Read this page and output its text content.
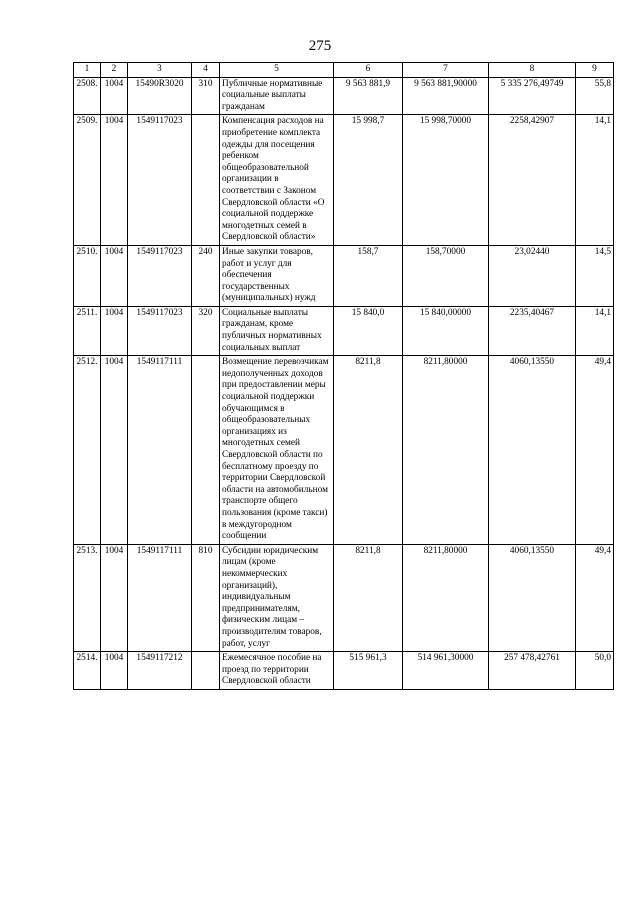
275
1	2	3	4	5	6	7	8	9
2508.	1004	15490R3020	310	Публичные нормативные социальные выплаты гражданам	9 563 881,9	9 563 881,90000	5 335 276,49749	55,8
2509.	1004	1549117023		Компенсация расходов на приобретение комплекта одежды для посещения ребенком общеобразовательной организации в соответствии с Законом Свердловской области «О социальной поддержке многодетных семей в Свердловской области»	15 998,7	15 998,70000	2258,42907	14,1
2510.	1004	1549117023	240	Иные закупки товаров, работ и услуг для обеспечения государственных (муниципальных) нужд	158,7	158,70000	23,02440	14,5
2511.	1004	1549117023	320	Социальные выплаты гражданам, кроме публичных нормативных социальных выплат	15 840,0	15 840,00000	2235,40467	14,1
2512.	1004	1549117111		Возмещение перевозчикам недополученных доходов при предоставлении меры социальной поддержки обучающимся в общеобразовательных организациях из многодетных семей Свердловской области по бесплатному проезду по территории Свердловской области на автомобильном транспорте общего пользования (кроме такси) в междугородном сообщении	8211,8	8211,80000	4060,13550	49,4
2513.	1004	1549117111	810	Субсидии юридическим лицам (кроме некоммерческих организаций), индивидуальным предпринимателям, физическим лицам – производителям товаров, работ, услуг	8211,8	8211,80000	4060,13550	49,4
2514.	1004	1549117212		Ежемесячное пособие на проезд по территории Свердловской области	515 961,3	514 961,30000	257 478,42761	50,0
